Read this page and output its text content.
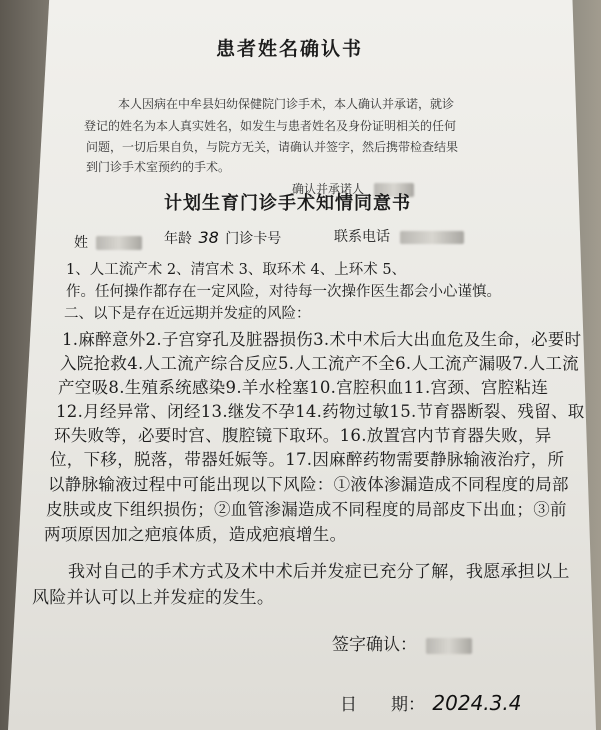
患者姓名确认书
本人因病在中牟县妇幼保健院门诊手术，本人确认并承诺，就诊
登记的姓名为本人真实姓名，如发生与患者姓名及身份证明相关的任何
问题，一切后果自负，与院方无关，请确认并签字，然后携带检查结果
到门诊手术室预约的手术。
确认并承诺人
计划生育门诊手术知情同意书
姓	年龄 38 门诊卡号	联系电话
1、人工流产术 2、清宫术 3、取环术 4、上环术 5、
作。任何操作都存在一定风险，对待每一次操作医生都会小心谨慎。
二、以下是存在近远期并发症的风险：
1.麻醉意外2.子宫穿孔及脏器损伤3.术中术后大出血危及生命，必要时
入院抢救4.人工流产综合反应5.人工流产不全6.人工流产漏吸7.人工流
产空吸8.生殖系统感染9.羊水栓塞10.宫腔积血11.宫颈、宫腔粘连
12.月经异常、闭经13.继发不孕14.药物过敏15.节育器断裂、残留、取
环失败等，必要时宫、腹腔镜下取环。16.放置宫内节育器失败，异
位，下移，脱落，带器妊娠等。17.因麻醉药物需要静脉输液治疗，所
以静脉输液过程中可能出现以下风险：①液体渗漏造成不同程度的局部
皮肤或皮下组织损伤；②血管渗漏造成不同程度的局部皮下出血；③前
两项原因加之疤痕体质，造成疤痕增生。
我对自己的手术方式及术中术后并发症已充分了解，我愿承担以上
风险并认可以上并发症的发生。
签字确认：
日　　期： 2024.3.4
